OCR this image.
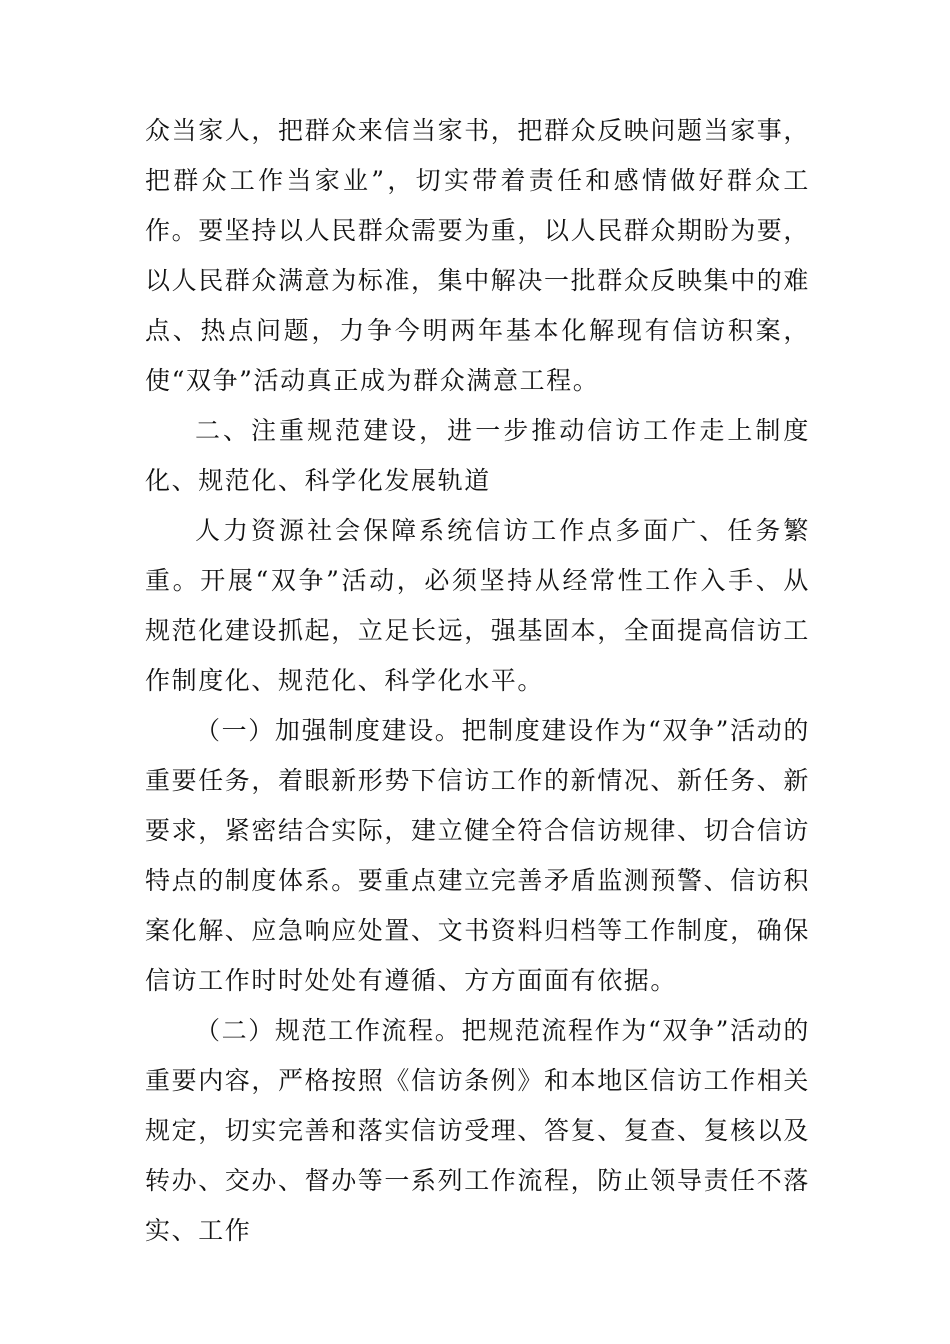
众当家人，把群众来信当家书，把群众反映问题当家事，把群众工作当家业”，切实带着责任和感情做好群众工作。要坚持以人民群众需要为重，以人民群众期盼为要，以人民群众满意为标准，集中解决一批群众反映集中的难点、热点问题，力争今明两年基本化解现有信访积案，使“双争”活动真正成为群众满意工程。

二、注重规范建设，进一步推动信访工作走上制度化、规范化、科学化发展轨道

人力资源社会保障系统信访工作点多面广、任务繁重。开展“双争”活动，必须坚持从经常性工作入手、从规范化建设抓起，立足长远，强基固本，全面提高信访工作制度化、规范化、科学化水平。

（一）加强制度建设。把制度建设作为“双争”活动的重要任务，着眼新形势下信访工作的新情况、新任务、新要求，紧密结合实际，建立健全符合信访规律、切合信访特点的制度体系。要重点建立完善矛盾监测预警、信访积案化解、应急响应处置、文书资料归档等工作制度，确保信访工作时时处处有遵循、方方面面有依据。

（二）规范工作流程。把规范流程作为“双争”活动的重要内容，严格按照《信访条例》和本地区信访工作相关规定，切实完善和落实信访受理、答复、复查、复核以及转办、交办、督办等一系列工作流程，防止领导责任不落实、工作
